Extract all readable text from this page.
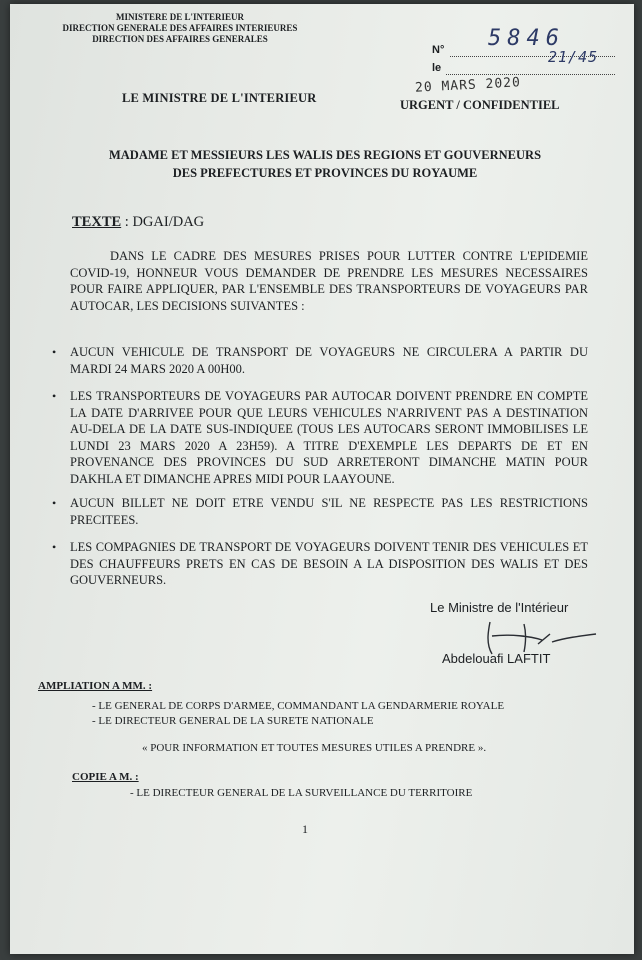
MINISTERE DE L'INTERIEUR
DIRECTION GENERALE DES AFFAIRES INTERIEURES
DIRECTION DES AFFAIRES GENERALES
N° 5846
le
21/45
20 MARS 2020
LE MINISTRE DE L'INTERIEUR	URGENT / CONFIDENTIEL
MADAME ET MESSIEURS LES WALIS DES REGIONS ET GOUVERNEURS
DES PREFECTURES ET PROVINCES DU ROYAUME
TEXTE : DGAI/DAG

DANS LE CADRE DES MESURES PRISES POUR LUTTER CONTRE L'EPIDEMIE COVID-19, HONNEUR VOUS DEMANDER DE PRENDRE LES MESURES NECESSAIRES POUR FAIRE APPLIQUER, PAR L'ENSEMBLE DES TRANSPORTEURS DE VOYAGEURS PAR AUTOCAR, LES DECISIONS SUIVANTES :

• AUCUN VEHICULE DE TRANSPORT DE VOYAGEURS NE CIRCULERA A PARTIR DU MARDI 24 MARS 2020 A 00H00.
• LES TRANSPORTEURS DE VOYAGEURS PAR AUTOCAR DOIVENT PRENDRE EN COMPTE LA DATE D'ARRIVEE POUR QUE LEURS VEHICULES N'ARRIVENT PAS A DESTINATION AU-DELA DE LA DATE SUS-INDIQUEE (TOUS LES AUTOCARS SERONT IMMOBILISES LE LUNDI 23 MARS 2020 A 23H59). A TITRE D'EXEMPLE LES DEPARTS DE ET EN PROVENANCE DES PROVINCES DU SUD ARRETERONT DIMANCHE MATIN POUR DAKHLA ET DIMANCHE APRES MIDI POUR LAAYOUNE.
• AUCUN BILLET NE DOIT ETRE VENDU S'IL NE RESPECTE PAS LES RESTRICTIONS PRECITEES.
• LES COMPAGNIES DE TRANSPORT DE VOYAGEURS DOIVENT TENIR DES VEHICULES ET DES CHAUFFEURS PRETS EN CAS DE BESOIN A LA DISPOSITION DES WALIS ET DES GOUVERNEURS.
Le Ministre de l'Intérieur
Abdelouafi LAFTIT
AMPLIATION A MM. :
- LE GENERAL DE CORPS D'ARMEE, COMMANDANT LA GENDARMERIE ROYALE
- LE DIRECTEUR GENERAL DE LA SURETE NATIONALE
« POUR INFORMATION ET TOUTES MESURES UTILES A PRENDRE ».
COPIE A M. :
- LE DIRECTEUR GENERAL DE LA SURVEILLANCE DU TERRITOIRE
1
